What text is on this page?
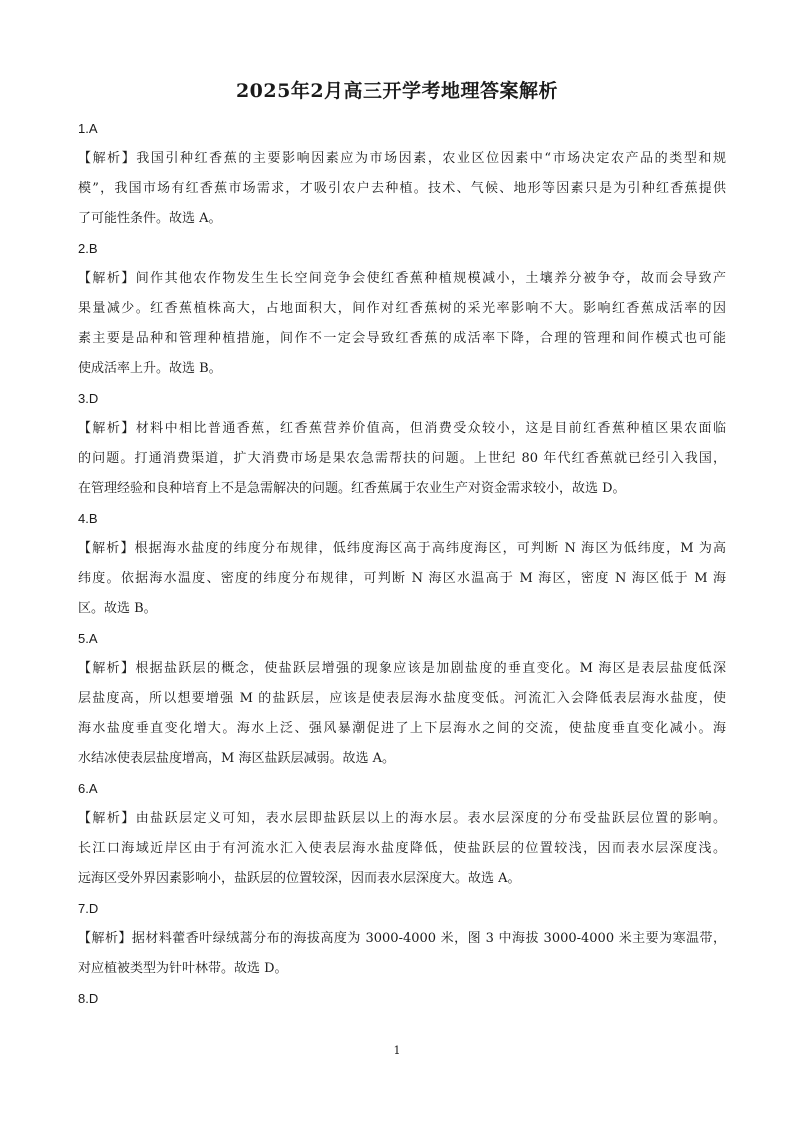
2025年2月高三开学考地理答案解析
1.A

【解析】我国引种红香蕉的主要影响因素应为市场因素，农业区位因素中“市场决定农产品的类型和规

模”，我国市场有红香蕉市场需求，才吸引农户去种植。技术、气候、地形等因素只是为引种红香蕉提供

了可能性条件。故选 A。

2.B

【解析】间作其他农作物发生生长空间竞争会使红香蕉种植规模减小，土壤养分被争夺，故而会导致产

果量减少。红香蕉植株高大，占地面积大，间作对红香蕉树的采光率影响不大。影响红香蕉成活率的因

素主要是品种和管理种植措施，间作不一定会导致红香蕉的成活率下降，合理的管理和间作模式也可能

使成活率上升。故选 B。

3.D

【解析】材料中相比普通香蕉，红香蕉营养价值高，但消费受众较小，这是目前红香蕉种植区果农面临

的问题。打通消费渠道，扩大消费市场是果农急需帮扶的问题。上世纪 80 年代红香蕉就已经引入我国，

在管理经验和良种培育上不是急需解决的问题。红香蕉属于农业生产对资金需求较小，故选 D。

4.B

【解析】根据海水盐度的纬度分布规律，低纬度海区高于高纬度海区，可判断 N 海区为低纬度，M 为高

纬度。依据海水温度、密度的纬度分布规律，可判断 N 海区水温高于 M 海区，密度 N 海区低于 M 海

区。故选 B。

5.A

【解析】根据盐跃层的概念，使盐跃层增强的现象应该是加剧盐度的垂直变化。M 海区是表层盐度低深

层盐度高，所以想要增强 M 的盐跃层，应该是使表层海水盐度变低。河流汇入会降低表层海水盐度，使

海水盐度垂直变化增大。海水上泛、强风暴潮促进了上下层海水之间的交流，使盐度垂直变化减小。海

水结冰使表层盐度增高，M 海区盐跃层减弱。故选 A。

6.A

【解析】由盐跃层定义可知，表水层即盐跃层以上的海水层。表水层深度的分布受盐跃层位置的影响。

长江口海域近岸区由于有河流水汇入使表层海水盐度降低，使盐跃层的位置较浅，因而表水层深度浅。

远海区受外界因素影响小，盐跃层的位置较深，因而表水层深度大。故选 A。

7.D

【解析】据材料藿香叶绿绒蒿分布的海拔高度为 3000-4000 米，图 3 中海拔 3000-4000 米主要为寒温带，

对应植被类型为针叶林带。故选 D。

8.D
1
